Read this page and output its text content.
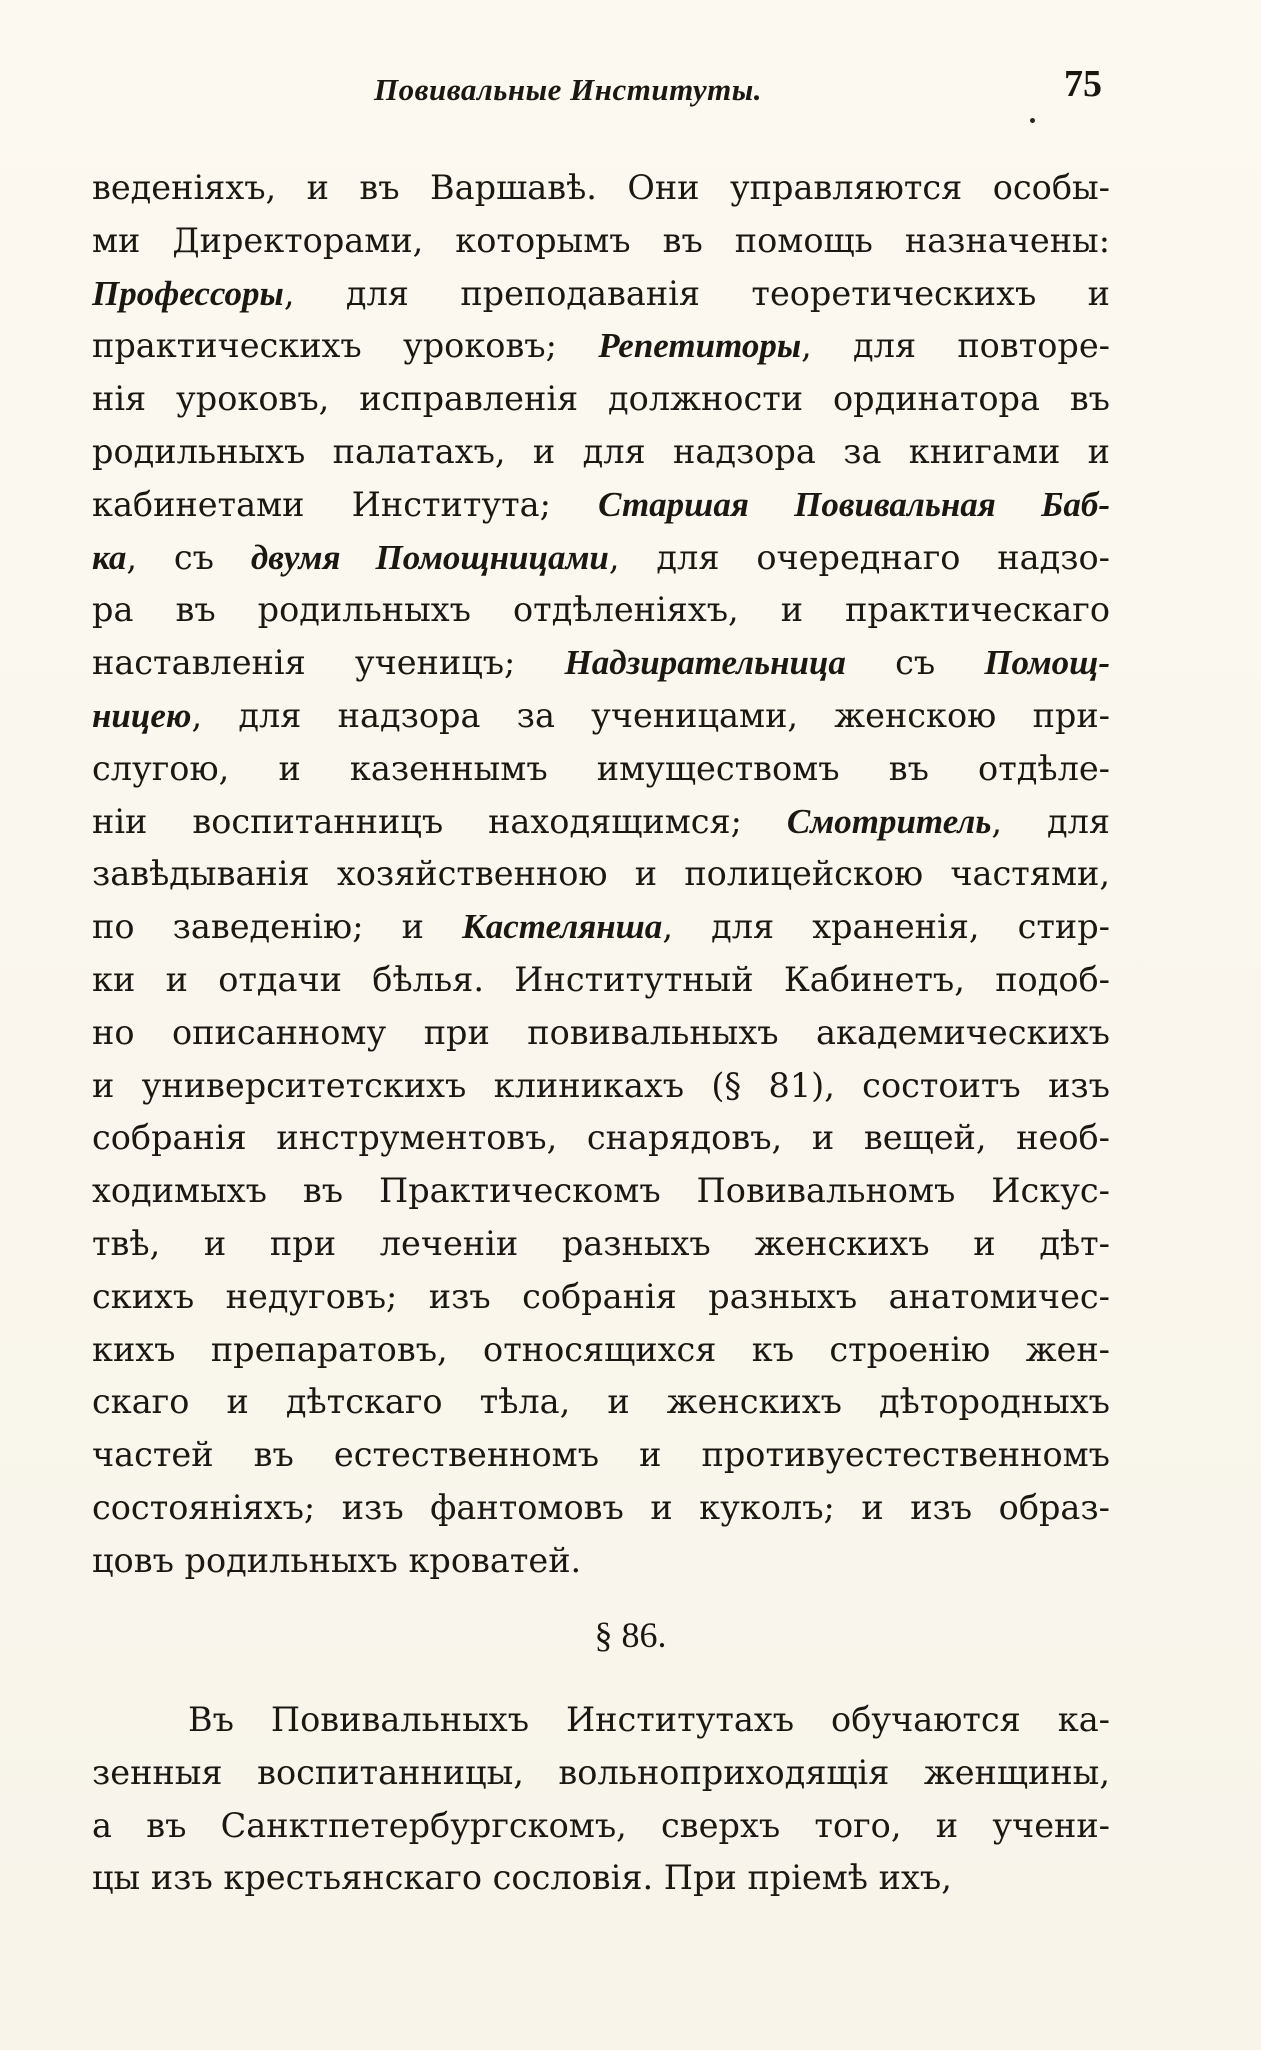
Повивальные Институты.	75
веденiяхъ, и въ Варшавѣ. Они управляются особы-
ми Директорами, которымъ въ помощь назначены:
Профессоры, для преподаванiя теоретическихъ и
практическихъ уроковъ; Репетиторы, для повторе-
нiя уроковъ, исправленiя должности ординатора въ
родильныхъ палатахъ, и для надзора за книгами и
кабинетами Института; Старшая Повивальная Баб-
ка, съ двумя Помощницами, для очереднаго надзо-
ра въ родильныхъ отдѣленiяхъ, и практическаго
наставленiя ученицъ; Надзирательница съ Помощ-
ницею, для надзора за ученицами, женскою при-
слугою, и казеннымъ имуществомъ въ отдѣле-
нiи воспитанницъ находящимся; Смотритель, для
завѣдыванiя хозяйственною и полицейскою частями,
по заведенiю; и Кастелянша, для храненiя, стир-
ки и отдачи бѣлья. Институтный Кабинетъ, подоб-
но описанному при повивальныхъ академическихъ
и университетскихъ клиникахъ (§ 81), состоитъ изъ
собранiя инструментовъ, снарядовъ, и вещей, необ-
ходимыхъ въ Практическомъ Повивальномъ Искус-
твѣ, и при леченiи разныхъ женскихъ и дѣт-
скихъ недуговъ; изъ собранiя разныхъ анатомичес-
кихъ препаратовъ, относящихся къ строенiю жен-
скаго и дѣтскаго тѣла, и женскихъ дѣтородныхъ
частей въ естественномъ и противуестественномъ
состоянiяхъ; изъ фантомовъ и куколъ; и изъ образ-
цовъ родильныхъ кроватей.
§ 86.
Въ Повивальныхъ Институтахъ обучаются ка-
зенныя воспитанницы, вольноприходящiя женщины,
а въ Санктпетербургскомъ, сверхъ того, и учени-
цы изъ крестьянскаго сословiя. При прiемѣ ихъ,
